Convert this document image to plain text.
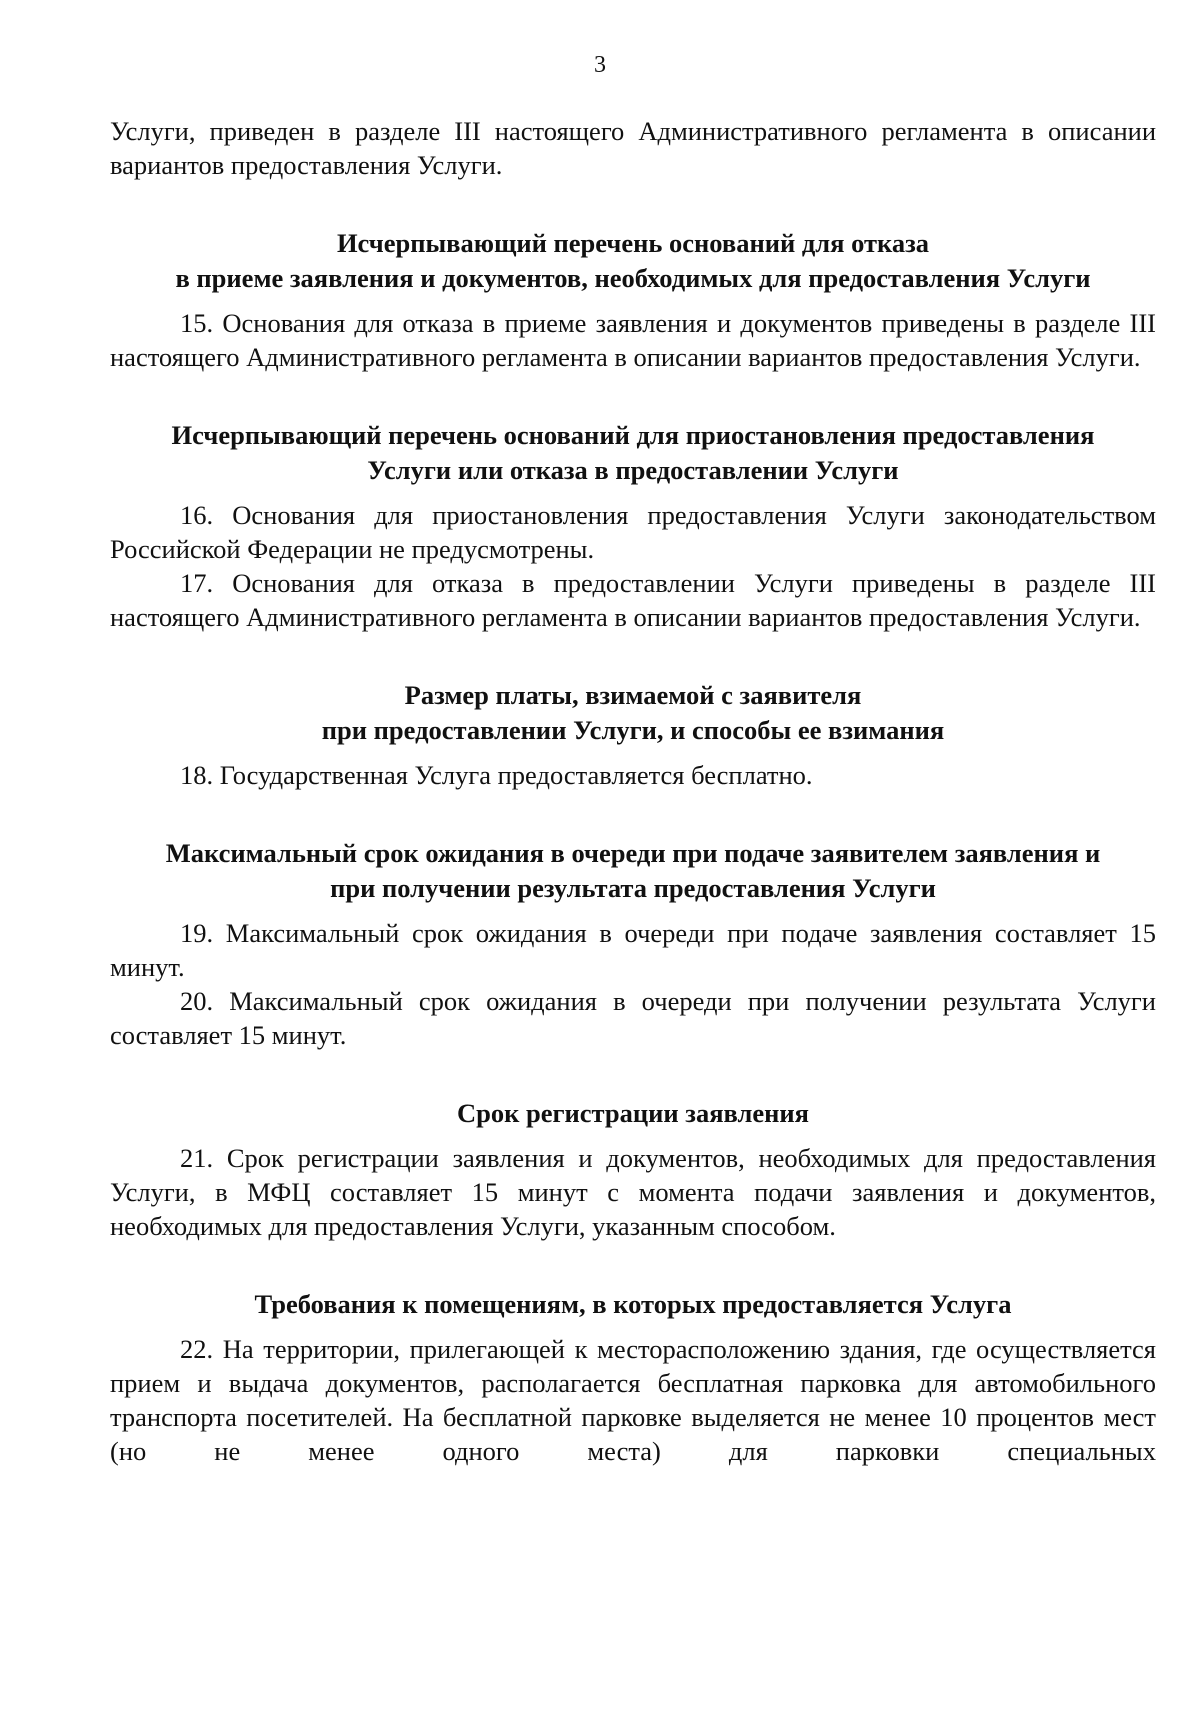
3

Услуги, приведен в разделе III настоящего Административного регламента в описании вариантов предоставления Услуги.

Исчерпывающий перечень оснований для отказа
в приеме заявления и документов, необходимых для предоставления Услуги

15. Основания для отказа в приеме заявления и документов приведены в разделе III настоящего Административного регламента в описании вариантов предоставления Услуги.

Исчерпывающий перечень оснований для приостановления предоставления
Услуги или отказа в предоставлении Услуги

16. Основания для приостановления предоставления Услуги законодательством Российской Федерации не предусмотрены.

17. Основания для отказа в предоставлении Услуги приведены в разделе III настоящего Административного регламента в описании вариантов предоставления Услуги.

Размер платы, взимаемой с заявителя
при предоставлении Услуги, и способы ее взимания

18. Государственная Услуга предоставляется бесплатно.

Максимальный срок ожидания в очереди при подаче заявителем заявления и
при получении результата предоставления Услуги

19. Максимальный срок ожидания в очереди при подаче заявления составляет 15 минут.

20. Максимальный срок ожидания в очереди при получении результата Услуги составляет 15 минут.

Срок регистрации заявления

21. Срок регистрации заявления и документов, необходимых для предоставления Услуги, в МФЦ составляет 15 минут с момента подачи заявления и документов, необходимых для предоставления Услуги, указанным способом.

Требования к помещениям, в которых предоставляется Услуга

22. На территории, прилегающей к месторасположению здания, где осуществляется прием и выдача документов, располагается бесплатная парковка для автомобильного транспорта посетителей. На бесплатной парковке выделяется не менее 10 процентов мест (но не менее одного места) для парковки специальных
